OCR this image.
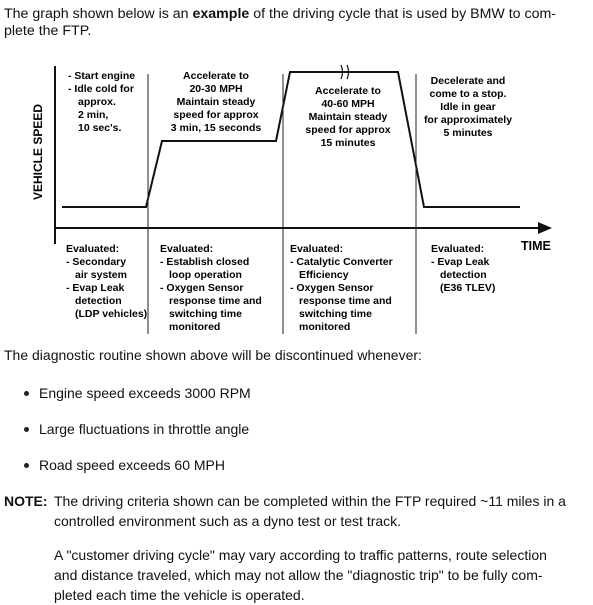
The graph shown below is an example of the driving cycle that is used by BMW to com-
plete the FTP.
VEHICLE SPEED
TIME
- Start engine
- Idle cold for
approx.
2 min,
10 sec's.
Accelerate to
20-30 MPH
Maintain steady
speed for approx
3 min, 15 seconds
Accelerate to
40-60 MPH
Maintain steady
speed for approx
15 minutes
Decelerate and
come to a stop.
Idle in gear
for approximately
5 minutes
Evaluated:
- Secondary
air system
- Evap Leak
detection
(LDP vehicles)
Evaluated:
- Establish closed
loop operation
- Oxygen Sensor
response time and
switching time
monitored
Evaluated:
- Catalytic Converter
Efficiency
- Oxygen Sensor
response time and
switching time
monitored
Evaluated:
- Evap Leak
detection
(E36 TLEV)
The diagnostic routine shown above will be discontinued whenever:
Engine speed exceeds 3000 RPM
Large fluctuations in throttle angle
Road speed exceeds 60 MPH
NOTE: The driving criteria shown can be completed within the FTP required ~11 miles in a
controlled environment such as a dyno test or test track.

A "customer driving cycle" may vary according to traffic patterns, route selection
and distance traveled, which may not allow the "diagnostic trip" to be fully com-
pleted each time the vehicle is operated.
